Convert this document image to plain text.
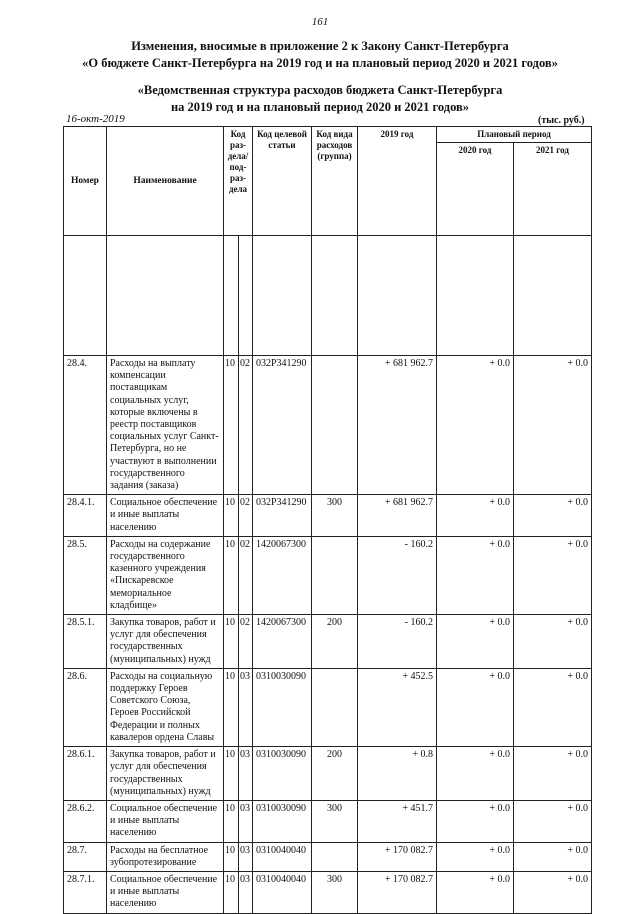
161
Изменения, вносимые в приложение 2 к Закону Санкт-Петербурга
«О бюджете Санкт-Петербурга на 2019 год и на плановый период 2020 и 2021 годов»
«Ведомственная структура расходов бюджета Санкт-Петербурга
на 2019 год и на плановый период 2020 и 2021 годов»
16-окт-2019	(тыс. руб.)
Номер	Наименование	Код раз-дела/ под-раз-дела		Код целевой статьи	Код вида расходов (группа)	2019 год	Плановый период	
							2020 год	2021 год

28.4.	Расходы на выплату компенсации поставщикам социальных услуг, которые включены в реестр поставщиков социальных услуг Санкт-Петербурга, но не участвуют в выполнении государственного задания (заказа)	10	02	032P341290		+ 681 962.7	+ 0.0	+ 0.0
28.4.1.	Социальное обеспечение и иные выплаты населению	10	02	032P341290	300	+ 681 962.7	+ 0.0	+ 0.0
28.5.	Расходы на содержание государственного казенного учреждения «Пискаревское мемориальное кладбище»	10	02	1420067300		- 160.2	+ 0.0	+ 0.0
28.5.1.	Закупка товаров, работ и услуг для обеспечения государственных (муниципальных) нужд	10	02	1420067300	200	- 160.2	+ 0.0	+ 0.0
28.6.	Расходы на социальную поддержку Героев Советского Союза, Героев Российской Федерации и полных кавалеров ордена Славы	10	03	0310030090		+ 452.5	+ 0.0	+ 0.0
28.6.1.	Закупка товаров, работ и услуг для обеспечения государственных (муниципальных) нужд	10	03	0310030090	200	+ 0.8	+ 0.0	+ 0.0
28.6.2.	Социальное обеспечение и иные выплаты населению	10	03	0310030090	300	+ 451.7	+ 0.0	+ 0.0
28.7.	Расходы на бесплатное зубопротезирование	10	03	0310040040		+ 170 082.7	+ 0.0	+ 0.0
28.7.1.	Социальное обеспечение и иные выплаты населению	10	03	0310040040	300	+ 170 082.7	+ 0.0	+ 0.0
